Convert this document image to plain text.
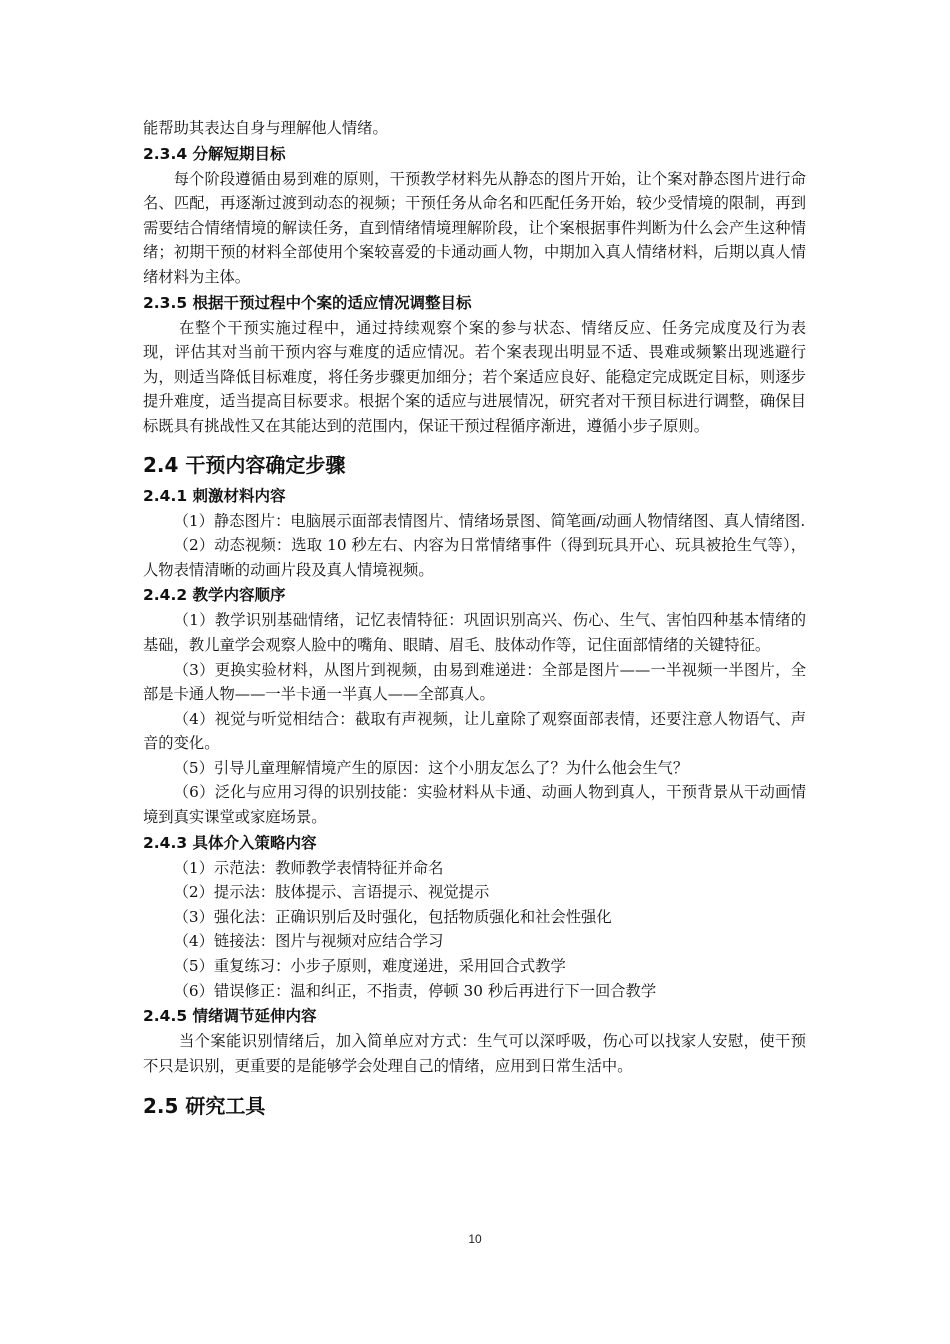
能帮助其表达自身与理解他人情绪。

2.3.4 分解短期目标

每个阶段遵循由易到难的原则，干预教学材料先从静态的图片开始，让个案对静态图片进行命名、匹配，再逐渐过渡到动态的视频；干预任务从命名和匹配任务开始，较少受情境的限制，再到需要结合情绪情境的解读任务，直到情绪情境理解阶段，让个案根据事件判断为什么会产生这种情绪；初期干预的材料全部使用个案较喜爱的卡通动画人物，中期加入真人情绪材料，后期以真人情绪材料为主体。

2.3.5 根据干预过程中个案的适应情况调整目标

在整个干预实施过程中，通过持续观察个案的参与状态、情绪反应、任务完成度及行为表现，评估其对当前干预内容与难度的适应情况。若个案表现出明显不适、畏难或频繁出现逃避行为，则适当降低目标难度，将任务步骤更加细分；若个案适应良好、能稳定完成既定目标，则逐步提升难度，适当提高目标要求。根据个案的适应与进展情况，研究者对干预目标进行调整，确保目标既具有挑战性又在其能达到的范围内，保证干预过程循序渐进，遵循小步子原则。

2.4 干预内容确定步骤
2.4.1 刺激材料内容

（1）静态图片：电脑展示面部表情图片、情绪场景图、简笔画/动画人物情绪图、真人情绪图.

（2）动态视频：选取 10 秒左右、内容为日常情绪事件（得到玩具开心、玩具被抢生气等），人物表情清晰的动画片段及真人情境视频。

2.4.2 教学内容顺序

（1）教学识别基础情绪，记忆表情特征：巩固识别高兴、伤心、生气、害怕四种基本情绪的基础，教儿童学会观察人脸中的嘴角、眼睛、眉毛、肢体动作等，记住面部情绪的关键特征。

（3）更换实验材料，从图片到视频，由易到难递进：全部是图片——一半视频一半图片，全部是卡通人物——一半卡通一半真人——全部真人。

（4）视觉与听觉相结合：截取有声视频，让儿童除了观察面部表情，还要注意人物语气、声音的变化。

（5）引导儿童理解情境产生的原因：这个小朋友怎么了？为什么他会生气？

（6）泛化与应用习得的识别技能：实验材料从卡通、动画人物到真人，干预背景从干动画情境到真实课堂或家庭场景。

2.4.3 具体介入策略内容

（1）示范法：教师教学表情特征并命名

（2）提示法：肢体提示、言语提示、视觉提示

（3）强化法：正确识别后及时强化，包括物质强化和社会性强化

（4）链接法：图片与视频对应结合学习

（5）重复练习：小步子原则，难度递进，采用回合式教学

（6）错误修正：温和纠正，不指责，停顿 30 秒后再进行下一回合教学

2.4.5 情绪调节延伸内容

当个案能识别情绪后，加入简单应对方式：生气可以深呼吸，伤心可以找家人安慰，使干预不只是识别，更重要的是能够学会处理自己的情绪，应用到日常生活中。

2.5 研究工具
10
